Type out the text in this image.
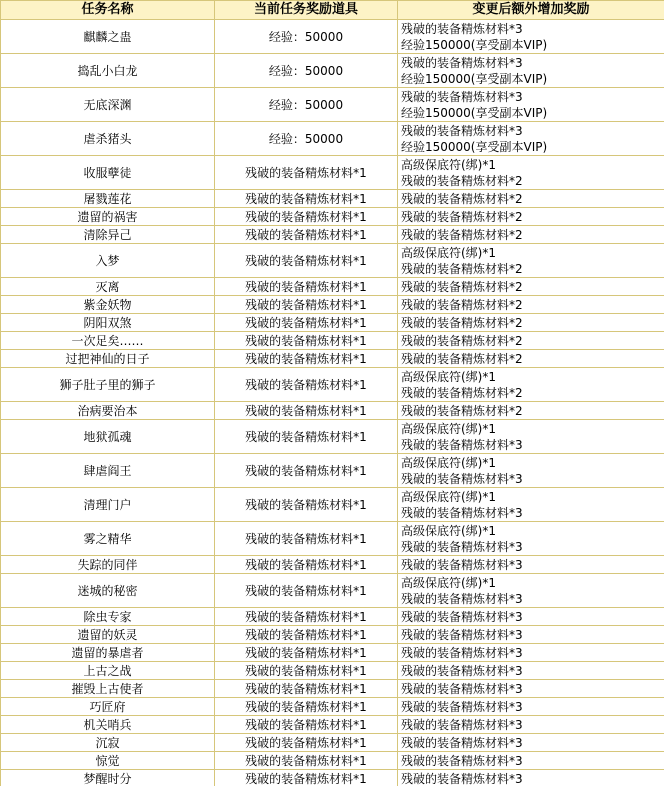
任务名称	当前任务奖励道具	变更后额外增加奖励
麒麟之蛊	经验：50000	残破的装备精炼材料*3
经验150000(享受副本VIP)

捣乱小白龙	经验：50000	残破的装备精炼材料*3
经验150000(享受副本VIP)

无底深渊	经验：50000	残破的装备精炼材料*3
经验150000(享受副本VIP)

虐杀猪头	经验：50000	残破的装备精炼材料*3
经验150000(享受副本VIP)

收服孽徒	残破的装备精炼材料*1	高级保底符(绑)*1
残破的装备精炼材料*2

屠戮莲花	残破的装备精炼材料*1	残破的装备精炼材料*2

遗留的祸害	残破的装备精炼材料*1	残破的装备精炼材料*2

清除异己	残破的装备精炼材料*1	残破的装备精炼材料*2

入梦	残破的装备精炼材料*1	高级保底符(绑)*1
残破的装备精炼材料*2

灭离	残破的装备精炼材料*1	残破的装备精炼材料*2

紫金妖物	残破的装备精炼材料*1	残破的装备精炼材料*2

阴阳双煞	残破的装备精炼材料*1	残破的装备精炼材料*2

一次足矣……	残破的装备精炼材料*1	残破的装备精炼材料*2

过把神仙的日子	残破的装备精炼材料*1	残破的装备精炼材料*2

狮子肚子里的狮子	残破的装备精炼材料*1	高级保底符(绑)*1
残破的装备精炼材料*2

治病要治本	残破的装备精炼材料*1	残破的装备精炼材料*2

地狱孤魂	残破的装备精炼材料*1	高级保底符(绑)*1
残破的装备精炼材料*3

肆虐阎王	残破的装备精炼材料*1	高级保底符(绑)*1
残破的装备精炼材料*3

清理门户	残破的装备精炼材料*1	高级保底符(绑)*1
残破的装备精炼材料*3

雾之精华	残破的装备精炼材料*1	高级保底符(绑)*1
残破的装备精炼材料*3

失踪的同伴	残破的装备精炼材料*1	残破的装备精炼材料*3

迷城的秘密	残破的装备精炼材料*1	高级保底符(绑)*1
残破的装备精炼材料*3

除虫专家	残破的装备精炼材料*1	残破的装备精炼材料*3

遗留的妖灵	残破的装备精炼材料*1	残破的装备精炼材料*3

遗留的暴虐者	残破的装备精炼材料*1	残破的装备精炼材料*3

上古之战	残破的装备精炼材料*1	残破的装备精炼材料*3

摧毁上古使者	残破的装备精炼材料*1	残破的装备精炼材料*3

巧匠府	残破的装备精炼材料*1	残破的装备精炼材料*3

机关哨兵	残破的装备精炼材料*1	残破的装备精炼材料*3

沉寂	残破的装备精炼材料*1	残破的装备精炼材料*3

惊觉	残破的装备精炼材料*1	残破的装备精炼材料*3

梦醒时分	残破的装备精炼材料*1	残破的装备精炼材料*3
